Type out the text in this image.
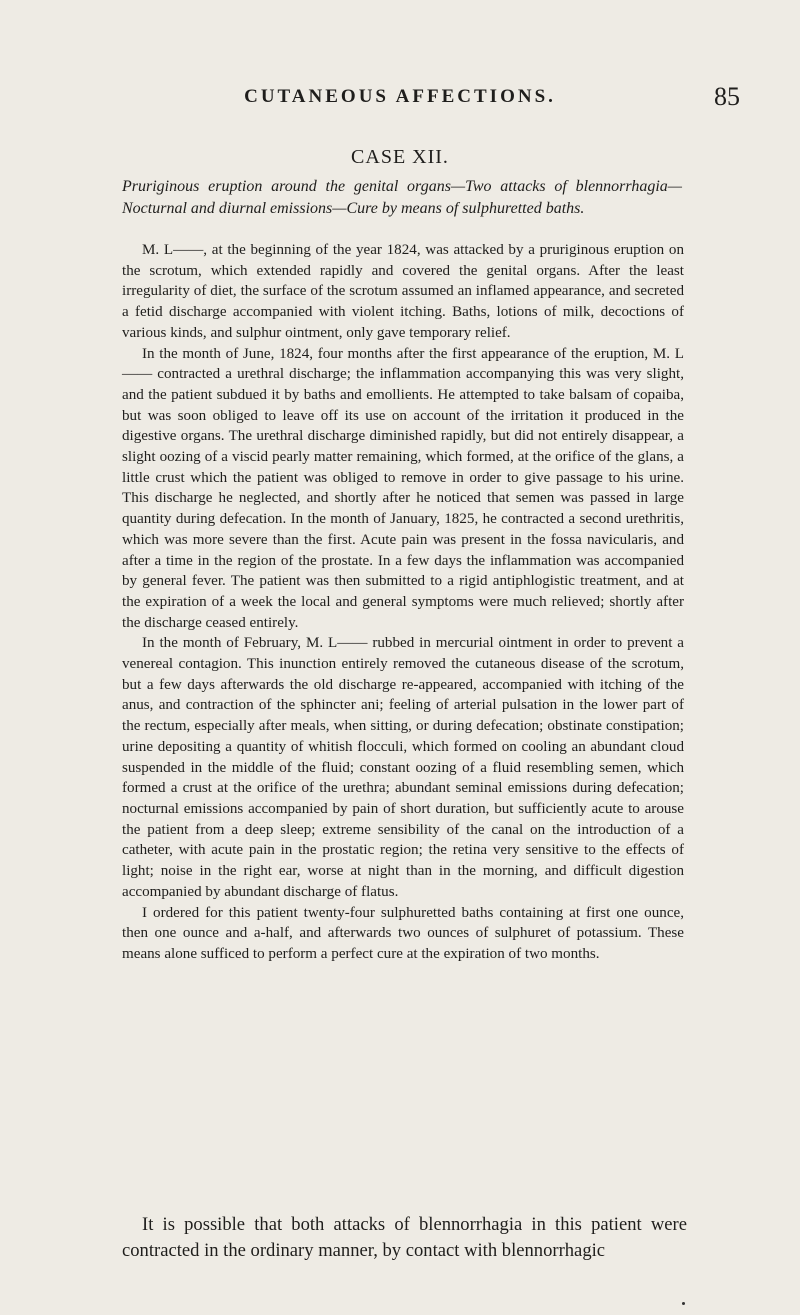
CUTANEOUS AFFECTIONS.	85
CASE XII.
Pruriginous eruption around the genital organs—Two attacks of blennorrhagia—Nocturnal and diurnal emissions—Cure by means of sulphuretted baths.

M. L——, at the beginning of the year 1824, was attacked by a pruriginous eruption on the scrotum, which extended rapidly and covered the genital organs. After the least irregularity of diet, the surface of the scrotum assumed an inflamed appearance, and secreted a fetid discharge accompanied with violent itching. Baths, lotions of milk, decoctions of various kinds, and sulphur ointment, only gave temporary relief.

In the month of June, 1824, four months after the first appearance of the eruption, M. L—— contracted a urethral discharge; the inflammation accompanying this was very slight, and the patient subdued it by baths and emollients. He attempted to take balsam of copaiba, but was soon obliged to leave off its use on account of the irritation it produced in the digestive organs. The urethral discharge diminished rapidly, but did not entirely disappear, a slight oozing of a viscid pearly matter remaining, which formed, at the orifice of the glans, a little crust which the patient was obliged to remove in order to give passage to his urine. This discharge he neglected, and shortly after he noticed that semen was passed in large quantity during defecation. In the month of January, 1825, he contracted a second urethritis, which was more severe than the first. Acute pain was present in the fossa navicularis, and after a time in the region of the prostate. In a few days the inflammation was accompanied by general fever. The patient was then submitted to a rigid antiphlogistic treatment, and at the expiration of a week the local and general symptoms were much relieved; shortly after the discharge ceased entirely.

In the month of February, M. L—— rubbed in mercurial ointment in order to prevent a venereal contagion. This inunction entirely removed the cutaneous disease of the scrotum, but a few days afterwards the old discharge re-appeared, accompanied with itching of the anus, and contraction of the sphincter ani; feeling of arterial pulsation in the lower part of the rectum, especially after meals, when sitting, or during defecation; obstinate constipation; urine depositing a quantity of whitish flocculi, which formed on cooling an abundant cloud suspended in the middle of the fluid; constant oozing of a fluid resembling semen, which formed a crust at the orifice of the urethra; abundant seminal emissions during defecation; nocturnal emissions accompanied by pain of short duration, but sufficiently acute to arouse the patient from a deep sleep; extreme sensibility of the canal on the introduction of a catheter, with acute pain in the prostatic region; the retina very sensitive to the effects of light; noise in the right ear, worse at night than in the morning, and difficult digestion accompanied by abundant discharge of flatus.

I ordered for this patient twenty-four sulphuretted baths containing at first one ounce, then one ounce and a-half, and afterwards two ounces of sulphuret of potassium. These means alone sufficed to perform a perfect cure at the expiration of two months.

It is possible that both attacks of blennorrhagia in this patient were contracted in the ordinary manner, by contact with blennorrhagic
